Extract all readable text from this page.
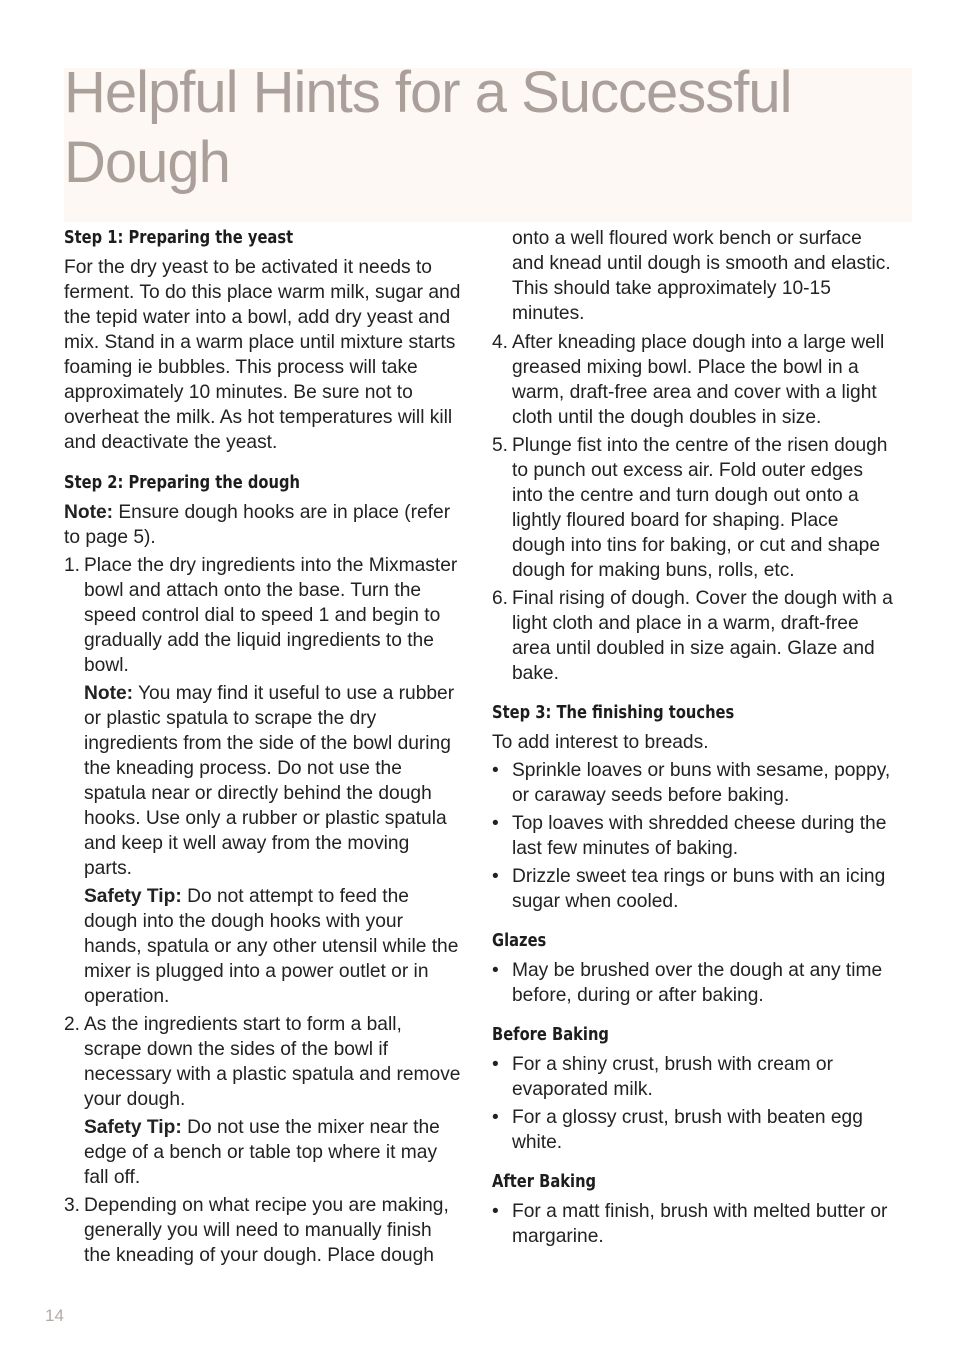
Helpful Hints for a Successful Dough
Step 1: Preparing the yeast

For the dry yeast to be activated it needs to ferment. To do this place warm milk, sugar and the tepid water into a bowl, add dry yeast and mix. Stand in a warm place until mixture starts foaming ie bubbles. This process will take approximately 10 minutes. Be sure not to overheat the milk. As hot temperatures will kill and deactivate the yeast.

Step 2: Preparing the dough

Note: Ensure dough hooks are in place (refer to page 5).

1. Place the dry ingredients into the Mixmaster bowl and attach onto the base. Turn the speed control dial to speed 1 and begin to gradually add the liquid ingredients to the bowl.

Note: You may find it useful to use a rubber or plastic spatula to scrape the dry ingredients from the side of the bowl during the kneading process. Do not use the spatula near or directly behind the dough hooks. Use only a rubber or plastic spatula and keep it well away from the moving parts.

Safety Tip: Do not attempt to feed the dough into the dough hooks with your hands, spatula or any other utensil while the mixer is plugged into a power outlet or in operation.

2. As the ingredients start to form a ball, scrape down the sides of the bowl if necessary with a plastic spatula and remove your dough.

Safety Tip: Do not use the mixer near the edge of a bench or table top where it may fall off.

3. Depending on what recipe you are making, generally you will need to manually finish the kneading of your dough. Place dough

onto a well floured work bench or surface and knead until dough is smooth and elastic. This should take approximately 10-15 minutes.

4. After kneading place dough into a large well greased mixing bowl. Place the bowl in a warm, draft-free area and cover with a light cloth until the dough doubles in size.

5. Plunge fist into the centre of the risen dough to punch out excess air. Fold outer edges into the centre and turn dough out onto a lightly floured board for shaping. Place dough into tins for baking, or cut and shape dough for making buns, rolls, etc.

6. Final rising of dough. Cover the dough with a light cloth and place in a warm, draft-free area until doubled in size again. Glaze and bake.

Step 3: The finishing touches

To add interest to breads.

• Sprinkle loaves or buns with sesame, poppy, or caraway seeds before baking.

• Top loaves with shredded cheese during the last few minutes of baking.

• Drizzle sweet tea rings or buns with an icing sugar when cooled.

Glazes
• May be brushed over the dough at any time before, during or after baking.

Before Baking
• For a shiny crust, brush with cream or evaporated milk.

• For a glossy crust, brush with beaten egg white.

After Baking
• For a matt finish, brush with melted butter or margarine.

14
